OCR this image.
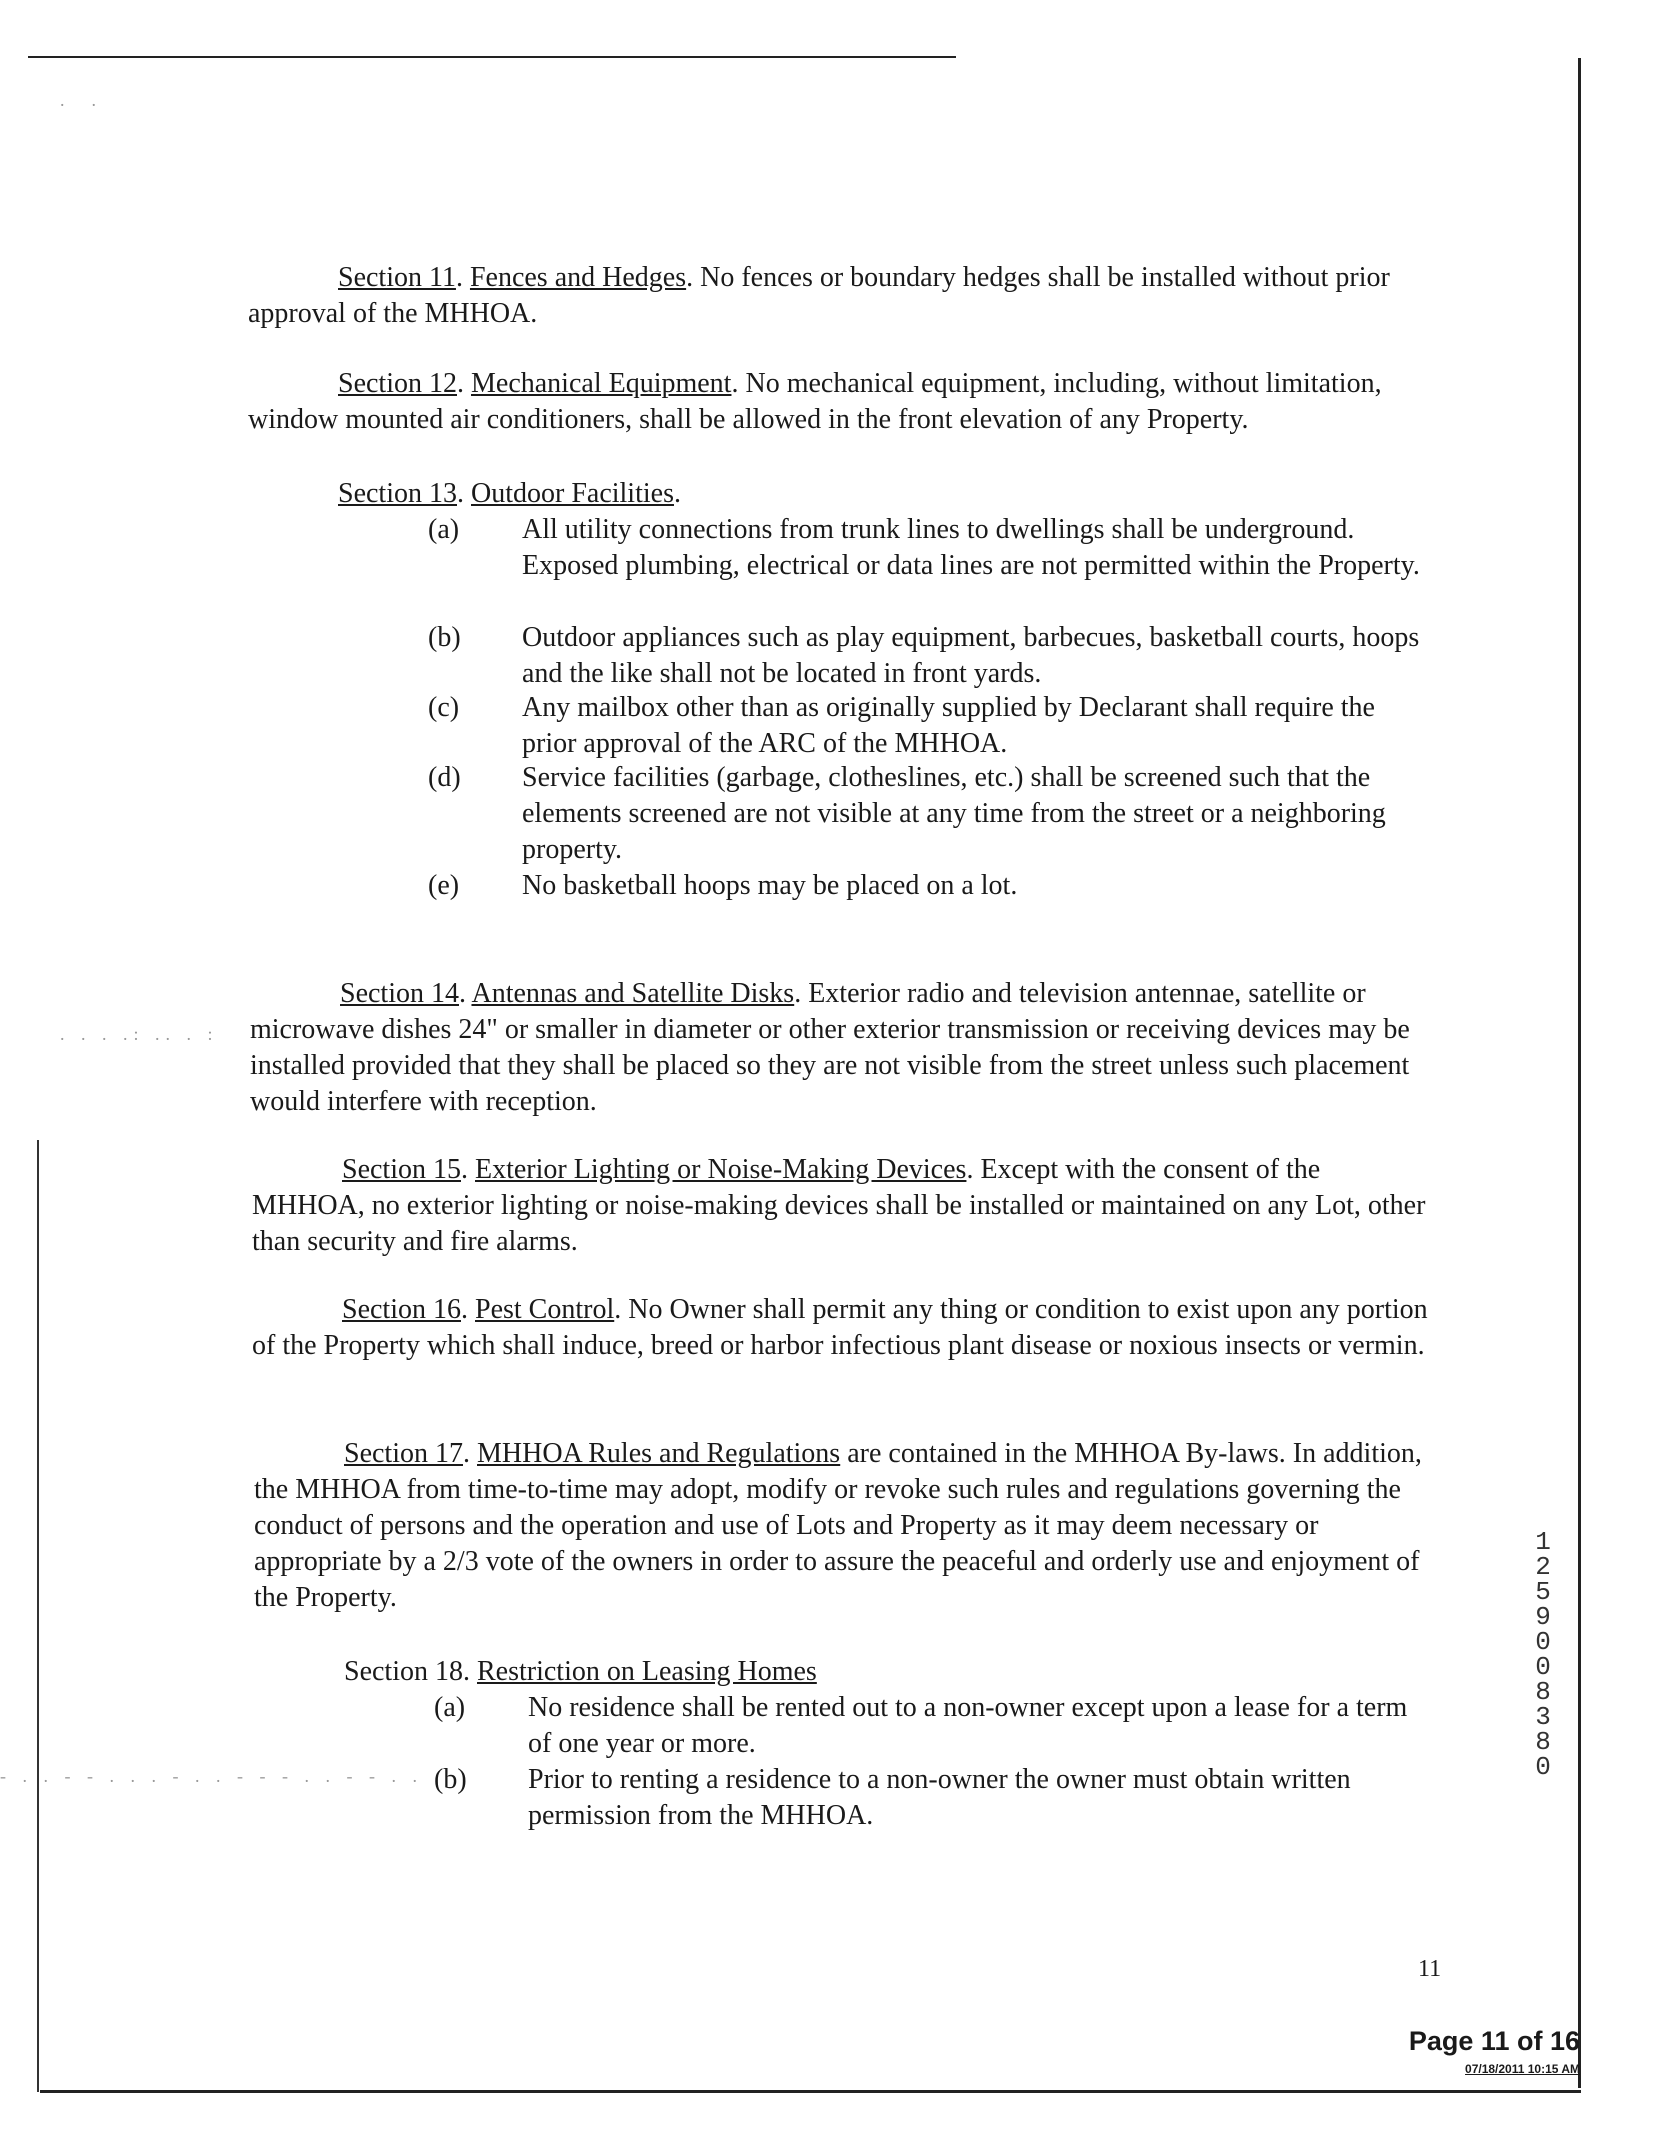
Section 11. Fences and Hedges. No fences or boundary hedges shall be installed without prior approval of the MHHOA.
Section 12. Mechanical Equipment. No mechanical equipment, including, without limitation, window mounted air conditioners, shall be allowed in the front elevation of any Property.
Section 13. Outdoor Facilities.
(a)	All utility connections from trunk lines to dwellings shall be underground. Exposed plumbing, electrical or data lines are not permitted within the Property.
(b)	Outdoor appliances such as play equipment, barbecues, basketball courts, hoops and the like shall not be located in front yards.
(c)	Any mailbox other than as originally supplied by Declarant shall require the prior approval of the ARC of the MHHOA.
(d)	Service facilities (garbage, clotheslines, etc.) shall be screened such that the elements screened are not visible at any time from the street or a neighboring property.
(e)	No basketball hoops may be placed on a lot.
Section 14. Antennas and Satellite Disks. Exterior radio and television antennae, satellite or microwave dishes 24" or smaller in diameter or other exterior transmission or receiving devices may be installed provided that they shall be placed so they are not visible from the street unless such placement would interfere with reception.
Section 15. Exterior Lighting or Noise-Making Devices. Except with the consent of the MHHOA, no exterior lighting or noise-making devices shall be installed or maintained on any Lot, other than security and fire alarms.
Section 16. Pest Control. No Owner shall permit any thing or condition to exist upon any portion of the Property which shall induce, breed or harbor infectious plant disease or noxious insects or vermin.
Section 17. MHHOA Rules and Regulations are contained in the MHHOA By-laws. In addition, the MHHOA from time-to-time may adopt, modify or revoke such rules and regulations governing the conduct of persons and the operation and use of Lots and Property as it may deem necessary or appropriate by a 2/3 vote of the owners in order to assure the peaceful and orderly use and enjoyment of the Property.
Section 18. Restriction on Leasing Homes
(a)	No residence shall be rented out to a non-owner except upon a lease for a term of one year or more.
(b)	Prior to renting a residence to a non-owner the owner must obtain written permission from the MHHOA.
.  .
. . . .: .. . :
- . . - - . . . - . . - - - . . - - . .
12590 08380
11
Page 11 of 16
07/18/2011 10:15 AM
